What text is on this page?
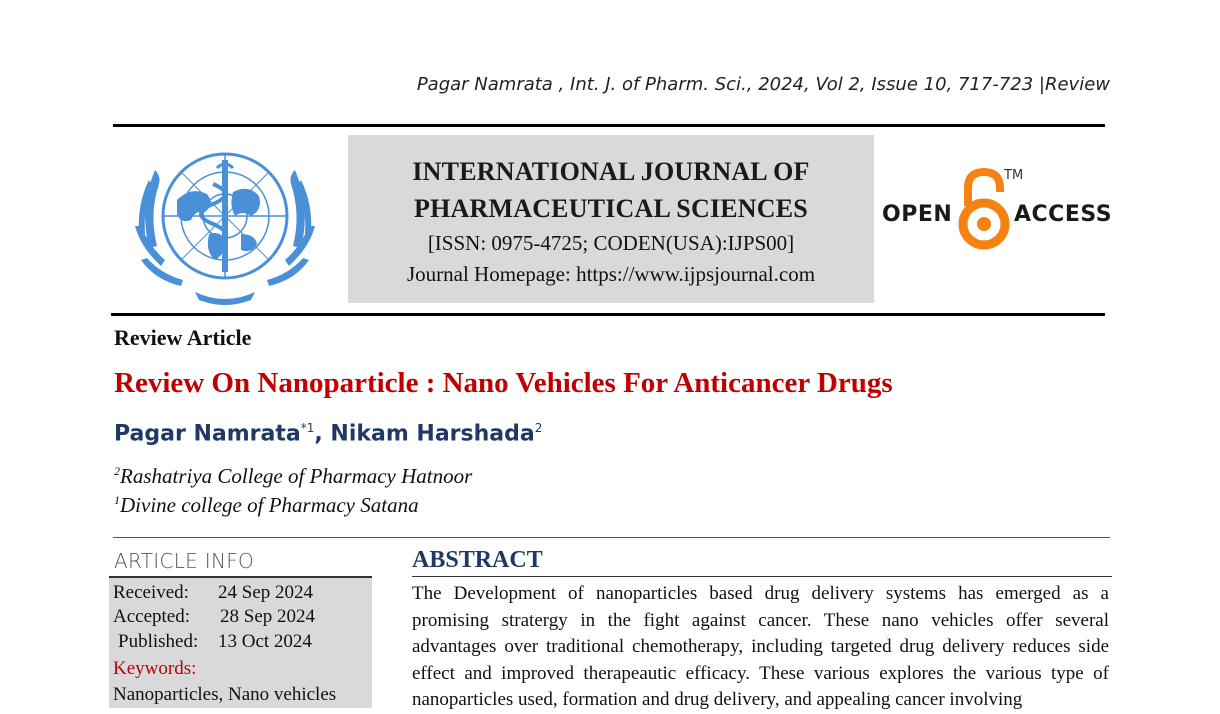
Pagar Namrata , Int. J. of Pharm. Sci., 2024, Vol 2, Issue 10, 717-723 |Review
INTERNATIONAL JOURNAL OF
PHARMACEUTICAL SCIENCES
[ISSN: 0975-4725; CODEN(USA):IJPS00]
Journal Homepage: https://www.ijpsjournal.com
OPEN
TM
ACCESS
Review Article
Review On Nanoparticle : Nano Vehicles For Anticancer Drugs
Pagar Namrata$^{*1}$, Nikam Harshada$^2$
$^2$Rashatriya College of Pharmacy Hatnoor
$^1$Divine college of Pharmacy Satana
ARTICLE INFO
Received: 24 Sep 2024
Accepted: 28 Sep 2024
Published: 13 Oct 2024
Keywords:
Nanoparticles, Nano vehicles
ABSTRACT
The Development of nanoparticles based drug delivery systems has emerged as a promising stratergy in the fight against cancer. These nano vehicles offer several advantages over traditional chemotherapy, including targeted drug delivery reduces side effect and improved therapeautic efficacy. These various explores the various type of nanoparticles used, formation and drug delivery, and appealing cancer involving
